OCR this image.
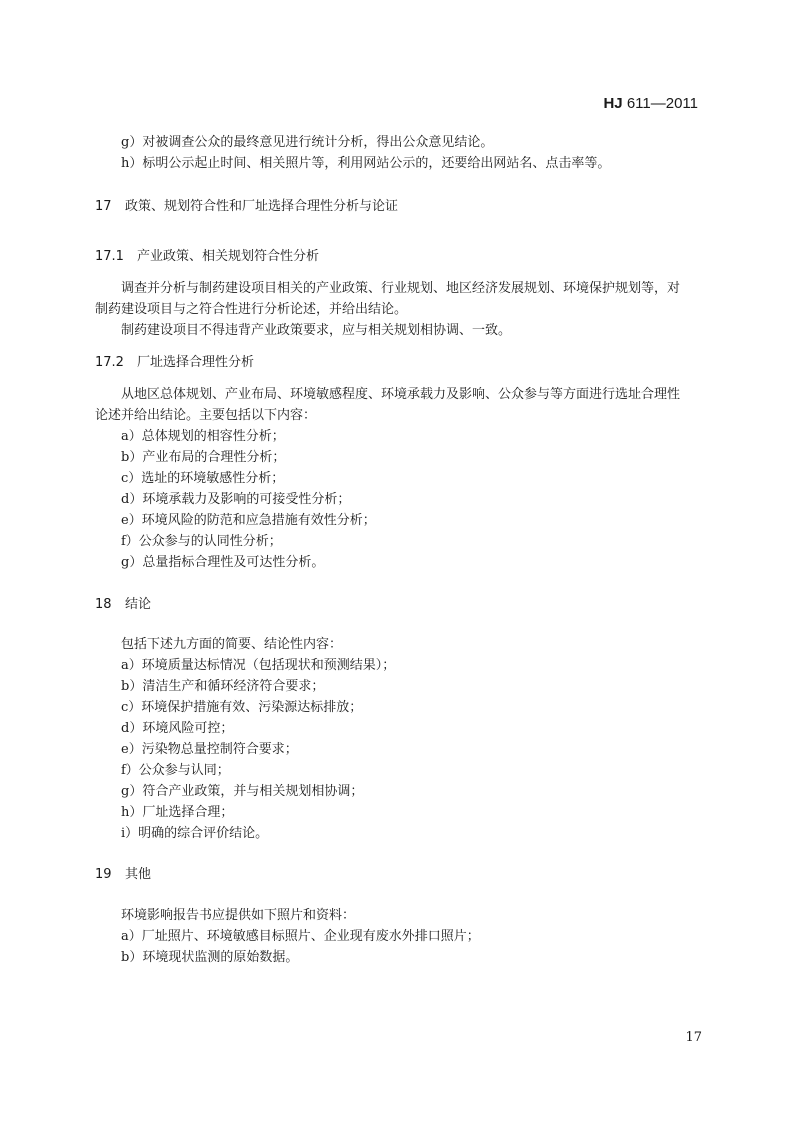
HJ 611—2011
g）对被调查公众的最终意见进行统计分析，得出公众意见结论。
h）标明公示起止时间、相关照片等，利用网站公示的，还要给出网站名、点击率等。
17 政策、规划符合性和厂址选择合理性分析与论证
17.1 产业政策、相关规划符合性分析
调查并分析与制药建设项目相关的产业政策、行业规划、地区经济发展规划、环境保护规划等，对
制药建设项目与之符合性进行分析论述，并给出结论。
制药建设项目不得违背产业政策要求，应与相关规划相协调、一致。
17.2 厂址选择合理性分析
从地区总体规划、产业布局、环境敏感程度、环境承载力及影响、公众参与等方面进行选址合理性
论述并给出结论。主要包括以下内容：
a）总体规划的相容性分析；
b）产业布局的合理性分析；
c）选址的环境敏感性分析；
d）环境承载力及影响的可接受性分析；
e）环境风险的防范和应急措施有效性分析；
f）公众参与的认同性分析；
g）总量指标合理性及可达性分析。
18 结论
包括下述九方面的简要、结论性内容：
a）环境质量达标情况（包括现状和预测结果）；
b）清洁生产和循环经济符合要求；
c）环境保护措施有效、污染源达标排放；
d）环境风险可控；
e）污染物总量控制符合要求；
f）公众参与认同；
g）符合产业政策，并与相关规划相协调；
h）厂址选择合理；
i）明确的综合评价结论。
19 其他
环境影响报告书应提供如下照片和资料：
a）厂址照片、环境敏感目标照片、企业现有废水外排口照片；
b）环境现状监测的原始数据。
17
